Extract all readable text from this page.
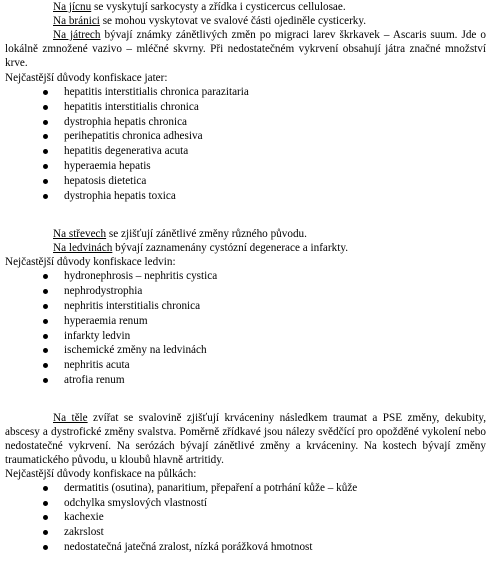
Na jícnu se vyskytují sarkocysty a zřídka i cysticercus cellulosae.

Na bránici se mohou vyskytovat ve svalové části ojediněle cysticerky.

Na játrech bývají známky zánětlivých změn po migraci larev škrkavek – Ascaris suum. Jde o lokálně zmnožené vazivo – mléčné skvrny. Při nedostatečném vykrvení obsahují játra značné množství krve.

Nejčastější důvody konfiskace jater:

hepatitis interstitialis chronica parazitaria
hepatitis interstitialis chronica
dystrophia hepatis chronica
perihepatitis chronica adhesiva
hepatitis degenerativa acuta
hyperaemia hepatis
hepatosis dietetica
dystrophia hepatis toxica

Na střevech se zjišťují zánětlivé změny různého původu.

Na ledvinách bývají zaznamenány cystózní degenerace a infarkty.

Nejčastější důvody konfiskace ledvin:

hydronephrosis – nephritis cystica
nephrodystrophia
nephritis interstitialis chronica
hyperaemia renum
infarkty ledvin
ischemické změny na ledvinách
nephritis acuta
atrofia renum

Na těle zvířat se svalovině zjišťují krváceniny následkem traumat a PSE změny, dekubity, abscesy a dystrofické změny svalstva. Poměrně zřídkavé jsou nálezy svědčící pro opožděné vykolení nebo nedostatečné vykrvení. Na serózách bývají zánětlivé změny a krváceniny. Na kostech bývají změny traumatického původu, u kloubů hlavně artritidy.

Nejčastější důvody konfiskace na půlkách:

dermatitis (osutina), panaritium, přepaření a potrhání kůže – kůže
odchylka smyslových vlastností
kachexie
zakrslost
nedostatečná jatečná zralost, nízká porážková hmotnost
